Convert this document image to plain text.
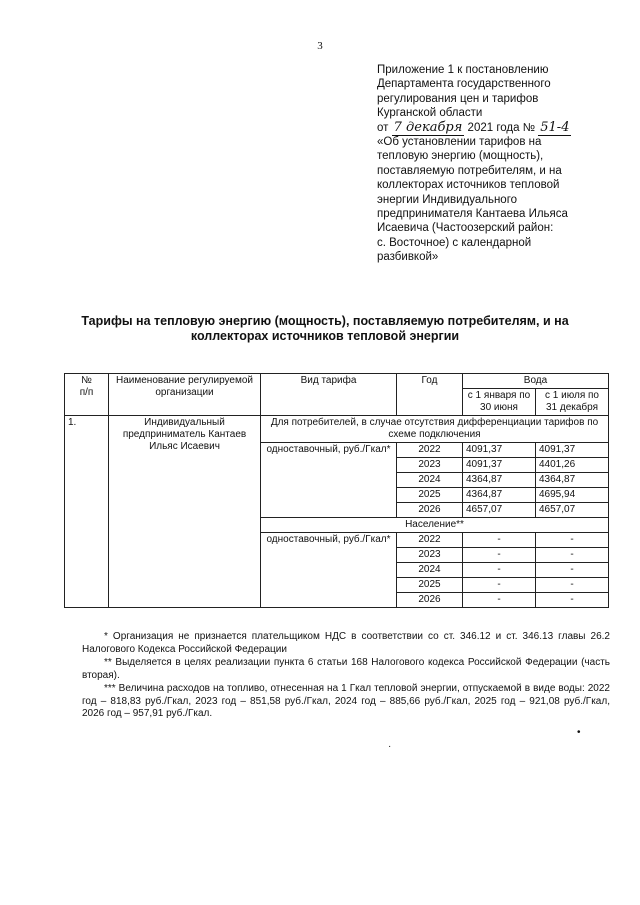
3
Приложение 1 к постановлению
Департамента государственного
регулирования цен и тарифов
Курганской области
от 7 декабря 2021 года № 51-4
«Об установлении тарифов на
тепловую энергию (мощность),
поставляемую потребителям, и на
коллекторах источников тепловой
энергии Индивидуального
предпринимателя Кантаева Ильяса
Исаевича (Частоозерский район:
с. Восточное) с календарной
разбивкой»
Тарифы на тепловую энергию (мощность), поставляемую потребителям, и на
коллекторах источников тепловой энергии
№
п/п	Наименование регулируемой организации	Вид тарифа	Год	Вода	
				с 1 января по 30 июня	с 1 июля по 31 декабря
1.	Индивидуальный предприниматель Кантаев Ильяс Исаевич	Для потребителей, в случае отсутствия дифференциации тарифов по схеме подключения			
		одноставочный, руб./Гкал*	2022	4091,37	4091,37
			2023	4091,37	4401,26
			2024	4364,87	4364,87
			2025	4364,87	4695,94
			2026	4657,07	4657,07
		Население**			
		одноставочный, руб./Гкал*	2022	-	-
			2023	-	-
			2024	-	-
			2025	-	-
			2026	-	-

* Организация не признается плательщиком НДС в соответствии со ст. 346.12 и ст. 346.13 главы 26.2 Налогового Кодекса Российской Федерации

** Выделяется в целях реализации пункта 6 статьи 168 Налогового кодекса Российской Федерации (часть вторая).

*** Величина расходов на топливо, отнесенная на 1 Гкал тепловой энергии, отпускаемой в виде воды: 2022 год – 818,83 руб./Гкал, 2023 год – 851,58 руб./Гкал, 2024 год – 885,66 руб./Гкал, 2025 год – 921,08 руб./Гкал, 2026 год – 957,91 руб./Гкал.

•
·
